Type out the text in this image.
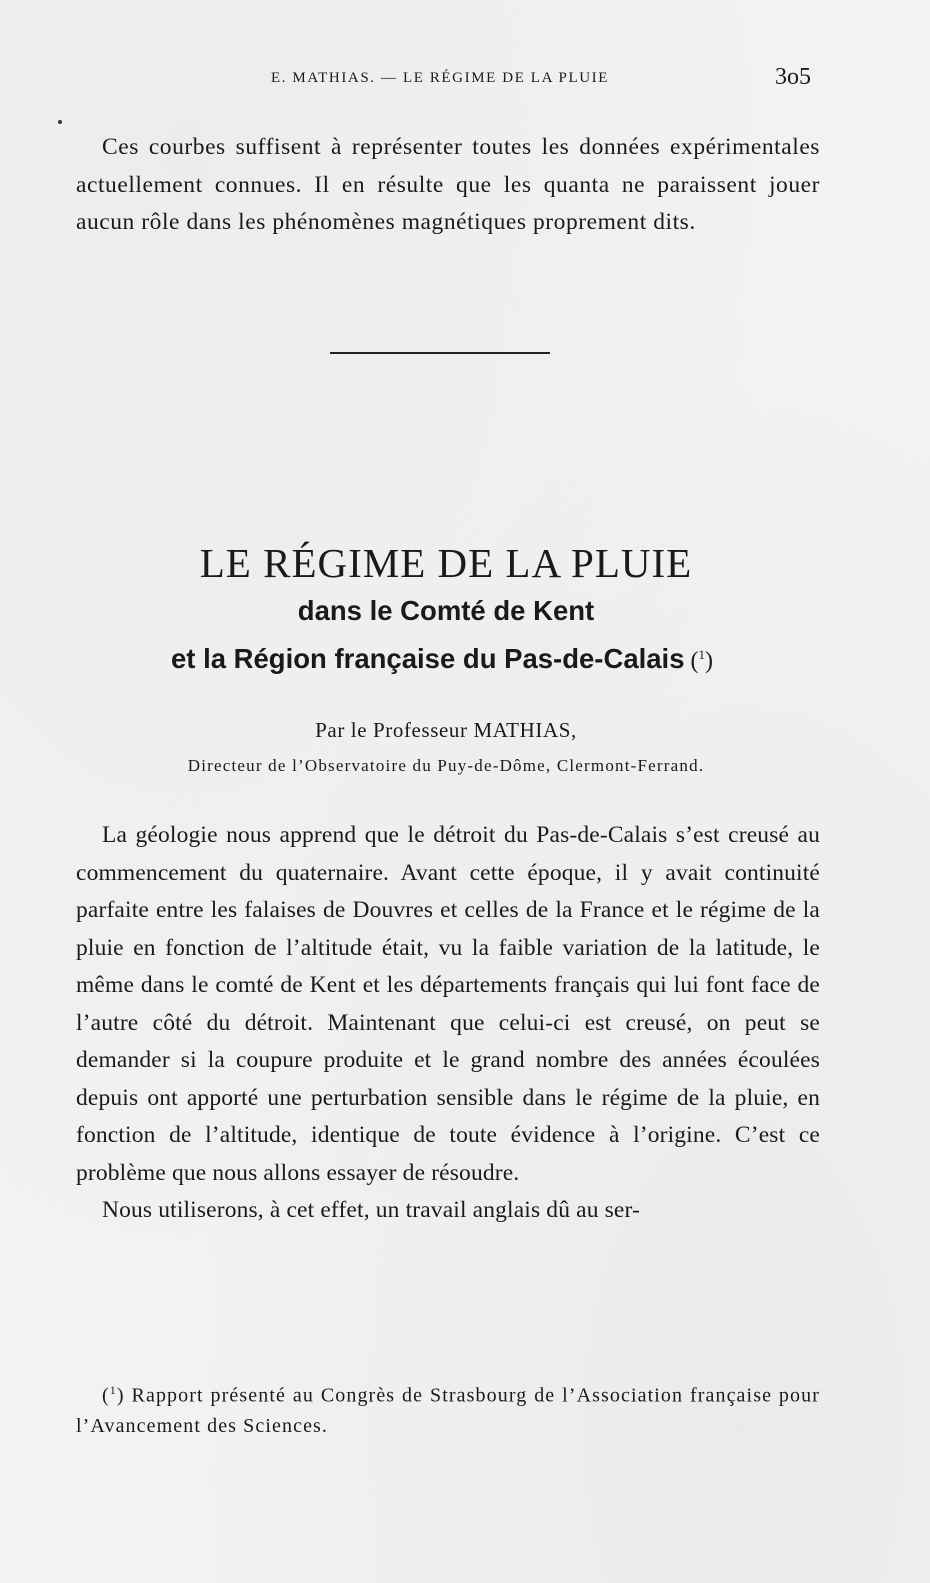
E. MATHIAS. — LE RÉGIME DE LA PLUIE	3o5

Ces courbes suffisent à représenter toutes les données expérimentales actuellement connues. Il en résulte que les quanta ne paraissent jouer aucun rôle dans les phénomènes magnétiques proprement dits.

LE RÉGIME DE LA PLUIE
dans le Comté de Kent
et la Région française du Pas-de-Calais ($^1$)
Par le Professeur MATHIAS,
Directeur de l’Observatoire du Puy-de-Dôme, Clermont-Ferrand.

La géologie nous apprend que le détroit du Pas-de-Calais s’est creusé au commencement du quaternaire. Avant cette époque, il y avait continuité parfaite entre les falaises de Douvres et celles de la France et le régime de la pluie en fonction de l’altitude était, vu la faible variation de la latitude, le même dans le comté de Kent et les départements français qui lui font face de l’autre côté du détroit. Maintenant que celui-ci est creusé, on peut se demander si la coupure produite et le grand nombre des années écoulées depuis ont apporté une perturbation sensible dans le régime de la pluie, en fonction de l’altitude, identique de toute évidence à l’origine. C’est ce problème que nous allons essayer de résoudre.

Nous utiliserons, à cet effet, un travail anglais dû au ser-

($^1$) Rapport présenté au Congrès de Strasbourg de l’Association française pour l’Avancement des Sciences.
